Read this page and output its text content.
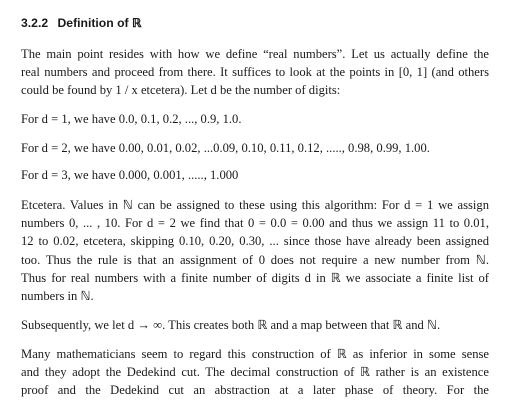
3.2.2 Definition of ℝ
The main point resides with how we define “real numbers”. Let us actually define the
real numbers and proceed from there. It suffices to look at the points in [0, 1] (and others
could be found by 1 / x etcetera). Let d be the number of digits:
For d = 1, we have 0.0, 0.1, 0.2, ..., 0.9, 1.0.
For d = 2, we have 0.00, 0.01, 0.02, ...0.09, 0.10, 0.11, 0.12, ....., 0.98, 0.99, 1.00.
For d = 3, we have 0.000, 0.001, ....., 1.000
Etcetera. Values in ℕ can be assigned to these using this algorithm: For d = 1 we assign
numbers 0, ... , 10. For d = 2 we find that 0 = 0.0 = 0.00 and thus we assign 11 to 0.01,
12 to 0.02, etcetera, skipping 0.10, 0.20, 0.30, ... since those have already been assigned
too. Thus the rule is that an assignment of 0 does not require a new number from ℕ.
Thus for real numbers with a finite number of digits d in ℝ we associate a finite list of
numbers in ℕ.
Subsequently, we let d → ∞. This creates both ℝ and a map between that ℝ and ℕ.
Many mathematicians seem to regard this construction of ℝ as inferior in some sense
and they adopt the Dedekind cut. The decimal construction of ℝ rather is an existence
proof and the Dedekind cut an abstraction at a later phase of theory. For the
